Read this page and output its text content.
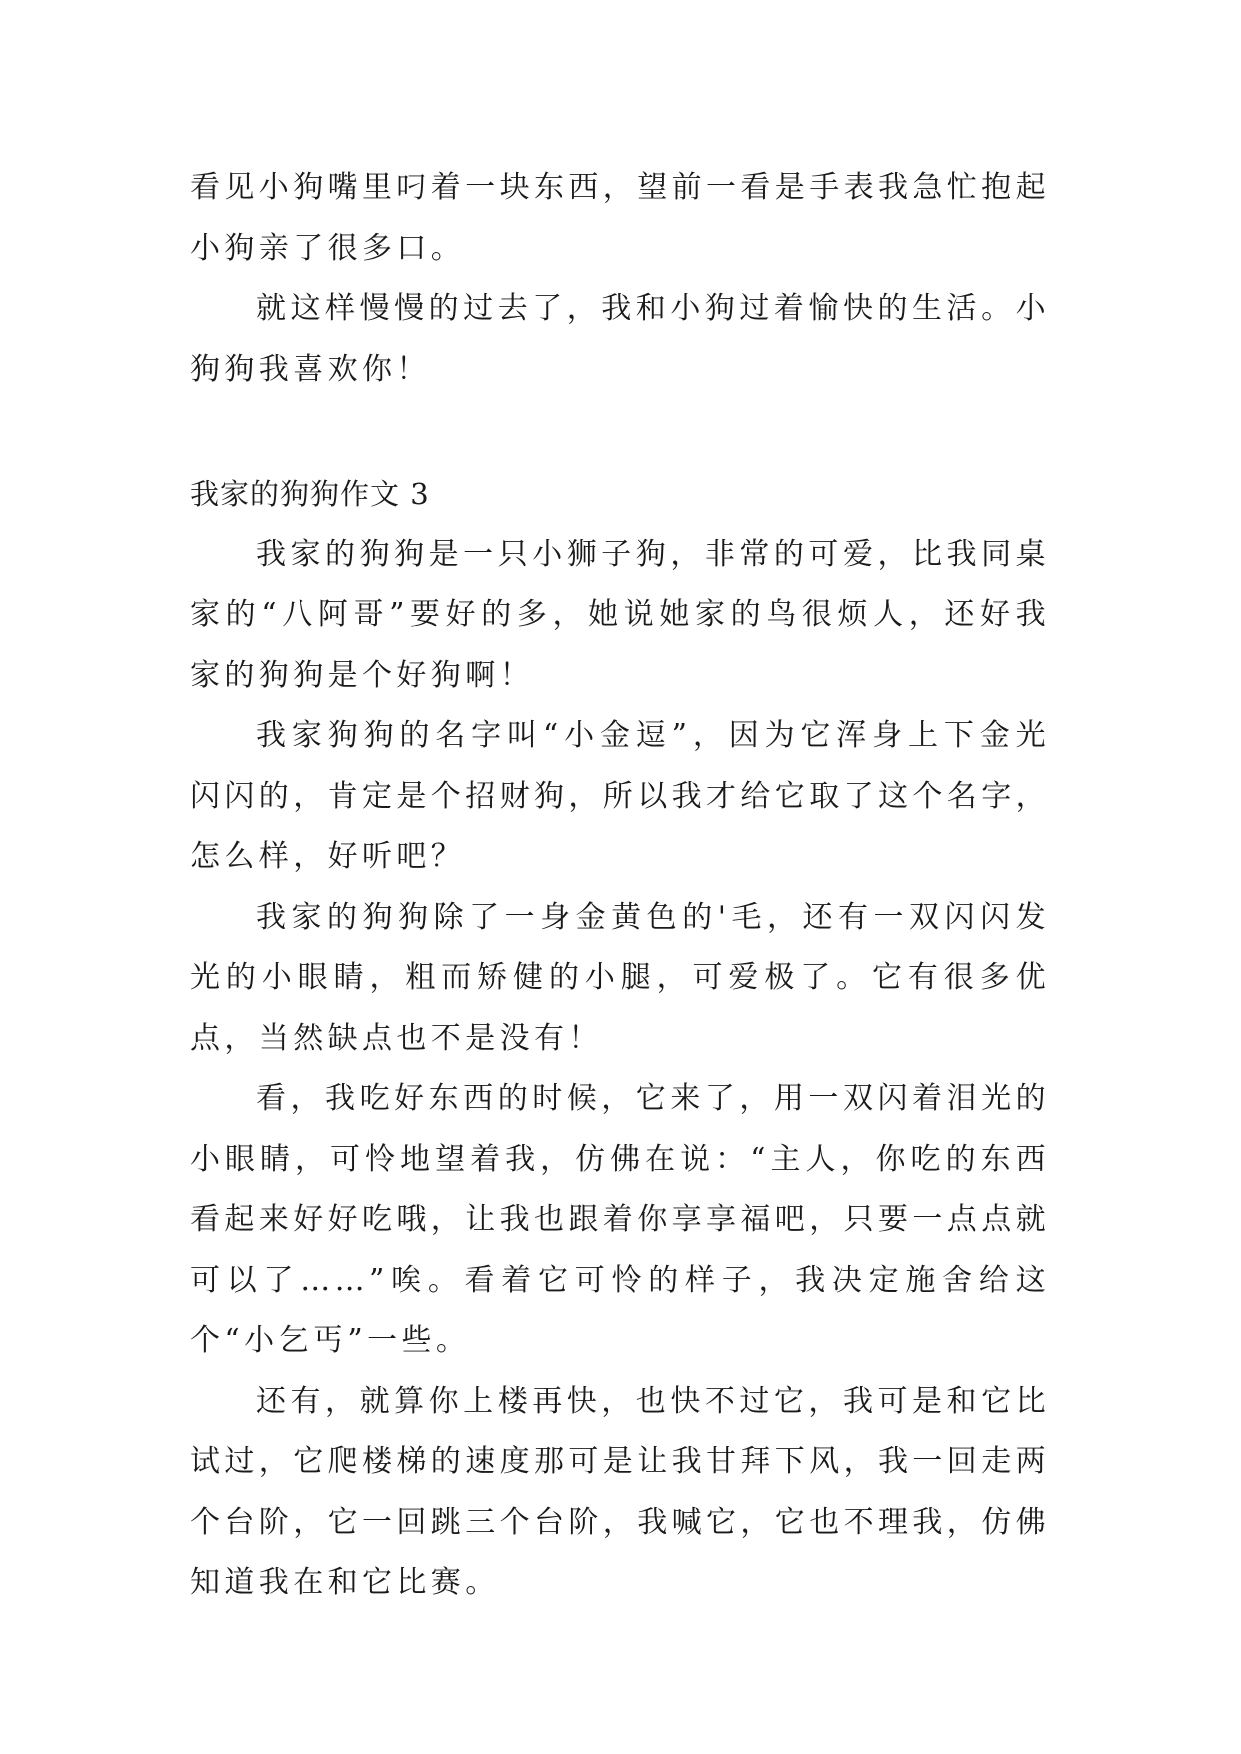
看见小狗嘴里叼着一块东西，望前一看是手表我急忙抱起小狗亲了很多口。

就这样慢慢的过去了，我和小狗过着愉快的生活。小狗狗我喜欢你！

我家的狗狗作文 3

我家的狗狗是一只小狮子狗，非常的可爱，比我同桌家的“八阿哥”要好的多，她说她家的鸟很烦人，还好我家的狗狗是个好狗啊！

我家狗狗的名字叫“小金逗”，因为它浑身上下金光闪闪的，肯定是个招财狗，所以我才给它取了这个名字，怎么样，好听吧？

我家的狗狗除了一身金黄色的'毛，还有一双闪闪发光的小眼睛，粗而矫健的小腿，可爱极了。它有很多优点，当然缺点也不是没有！

看，我吃好东西的时候，它来了，用一双闪着泪光的小眼睛，可怜地望着我，仿佛在说：“主人，你吃的东西看起来好好吃哦，让我也跟着你享享福吧，只要一点点就可以了……”唉。看着它可怜的样子，我决定施舍给这个“小乞丐”一些。

还有，就算你上楼再快，也快不过它，我可是和它比试过，它爬楼梯的速度那可是让我甘拜下风，我一回走两个台阶，它一回跳三个台阶，我喊它，它也不理我，仿佛知道我在和它比赛。
